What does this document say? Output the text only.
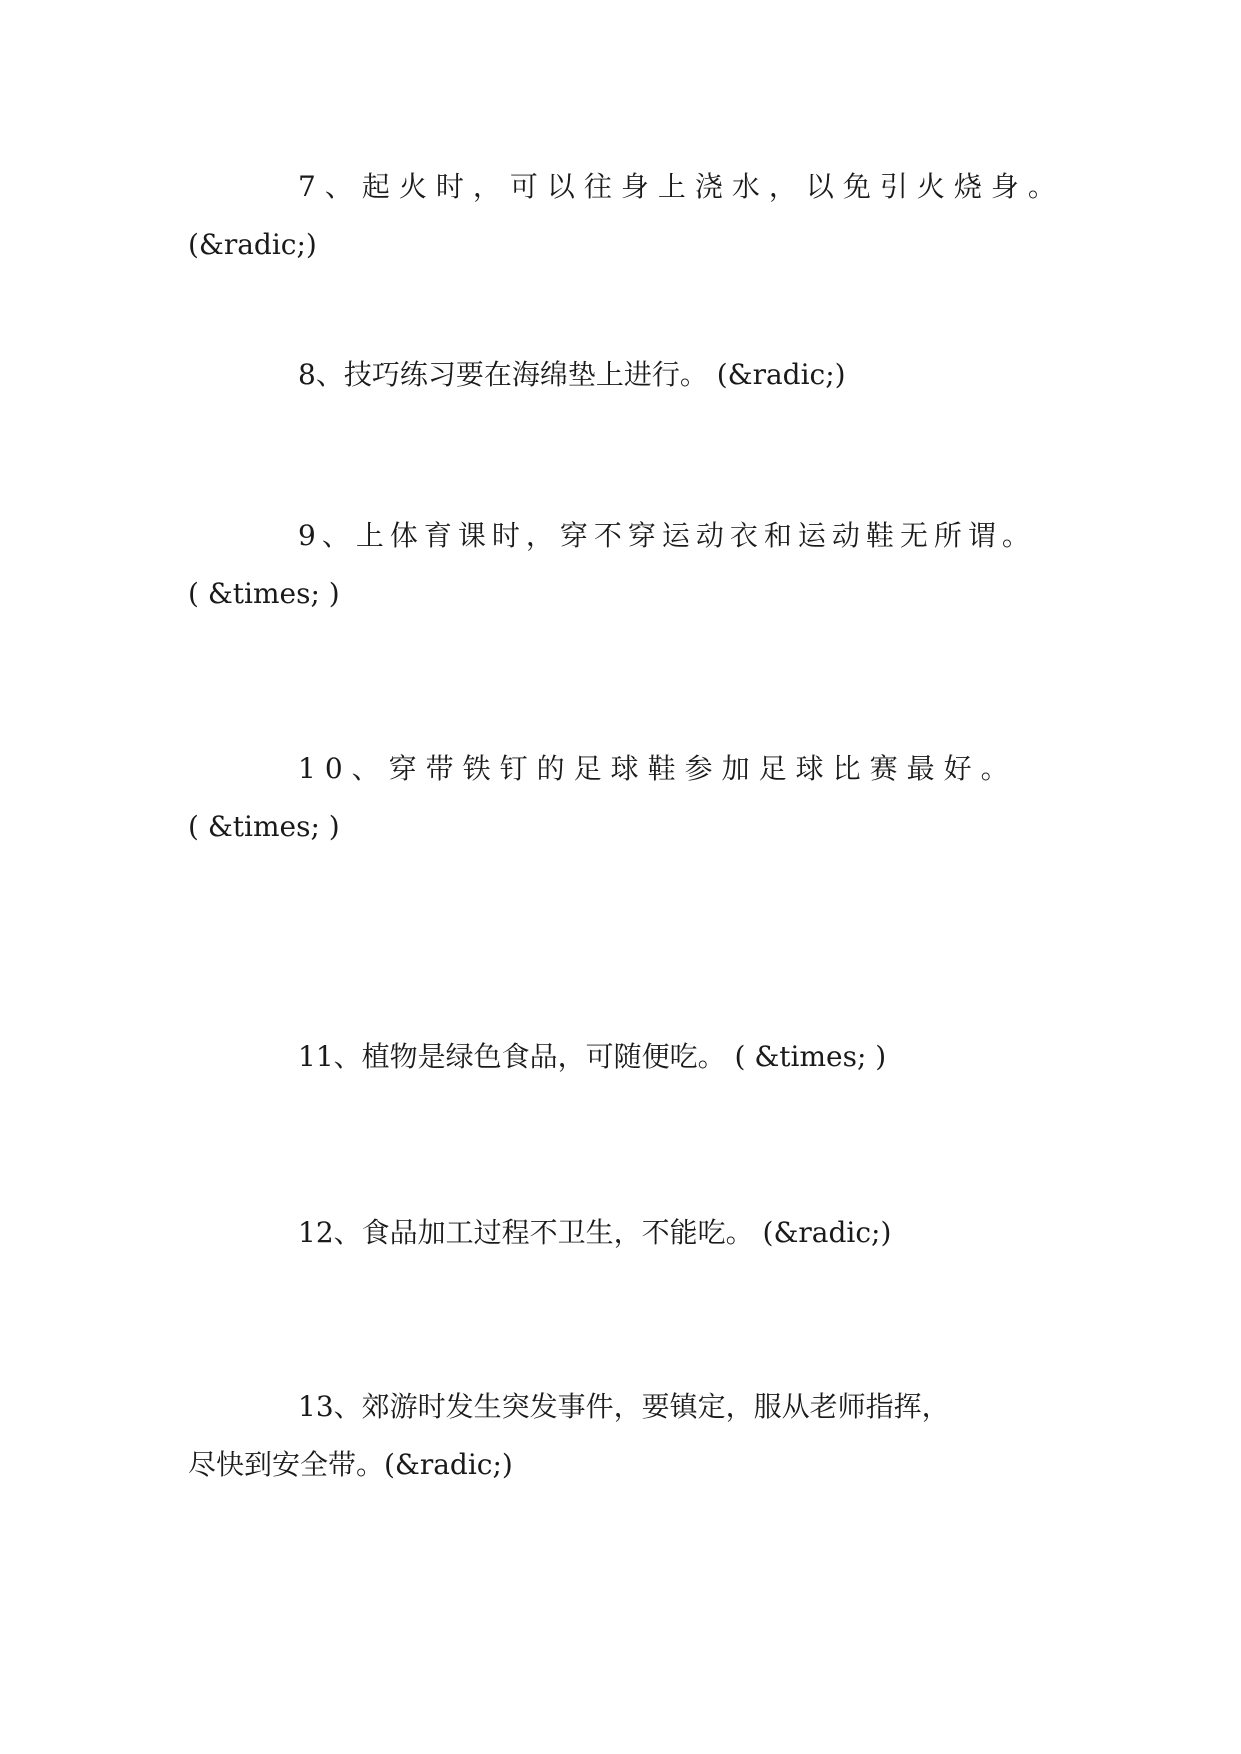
7、起火时，可以往身上浇水，以免引火烧身。
(&radic;)
8、技巧练习要在海绵垫上进行。 (&radic;)
9、上体育课时，穿不穿运动衣和运动鞋无所谓。
( &times; )
10、穿带铁钉的足球鞋参加足球比赛最好。
( &times; )
11、植物是绿色食品，可随便吃。 ( &times; )
12、食品加工过程不卫生，不能吃。 (&radic;)
13、郊游时发生突发事件，要镇定，服从老师指挥，
尽快到安全带。(&radic;)
